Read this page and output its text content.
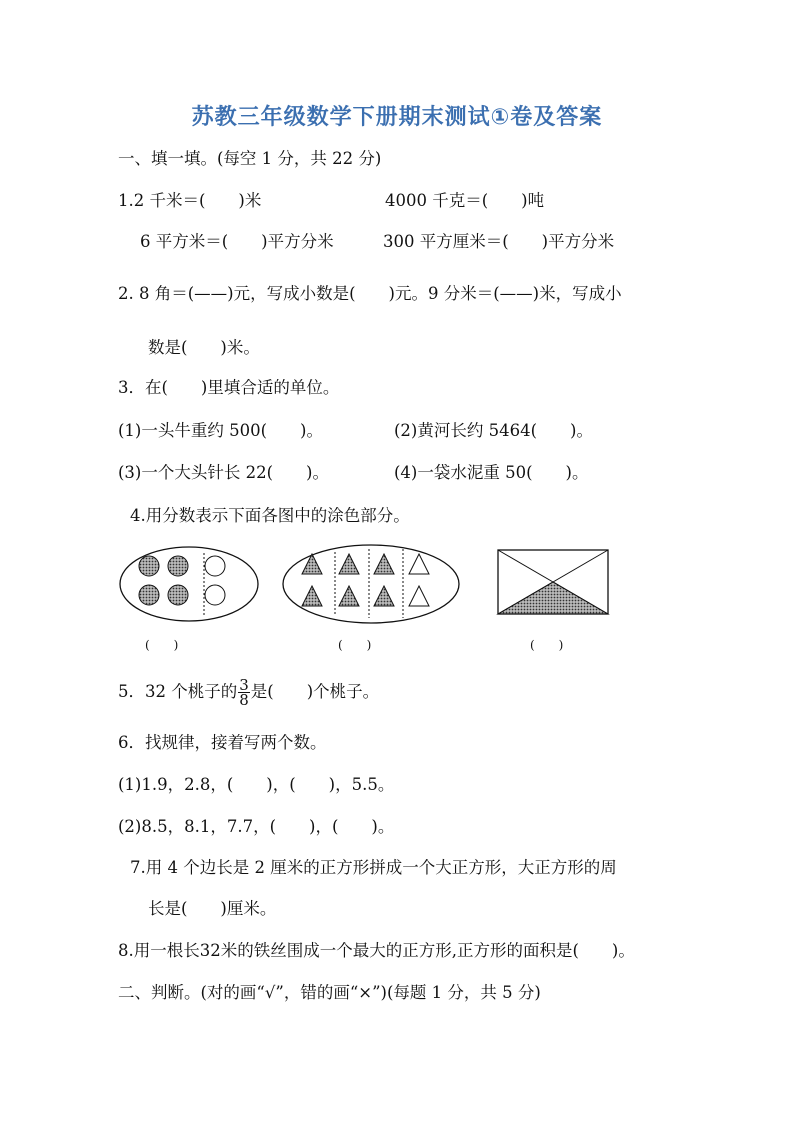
苏教三年级数学下册期末测试①卷及答案
一、填一填。(每空 1 分，共 22 分)
1.2 千米＝(　　)米	4000 千克＝(　　)吨
6 平方米＝(　　)平方分米	300 平方厘米＝(　　)平方分米
2. 8 角＝(——)元，写成小数是(　　)元。9 分米＝(——)米，写成小
数是(　　)米。
3．在(　　)里填合适的单位。
(1)一头牛重约 500(　　)。	(2)黄河长约 5464(　　)。
(3)一个大头针长 22(　　)。	(4)一袋水泥重 50(　　)。
4.用分数表示下面各图中的涂色部分。
(　　)	(　　)	(　　)
5．32 个桃子的 $\frac{3}{8}$ 是(　　)个桃子。
6．找规律，接着写两个数。
(1)1.9，2.8，(　　)，(　　)，5.5。
(2)8.5，8.1，7.7，(　　)，(　　)。
7.用 4 个边长是 2 厘米的正方形拼成一个大正方形，大正方形的周
长是(　　)厘米。
8.用一根长32米的铁丝围成一个最大的正方形,正方形的面积是(　　)。
二、判断。(对的画“√”，错的画“×”)(每题 1 分，共 5 分)
